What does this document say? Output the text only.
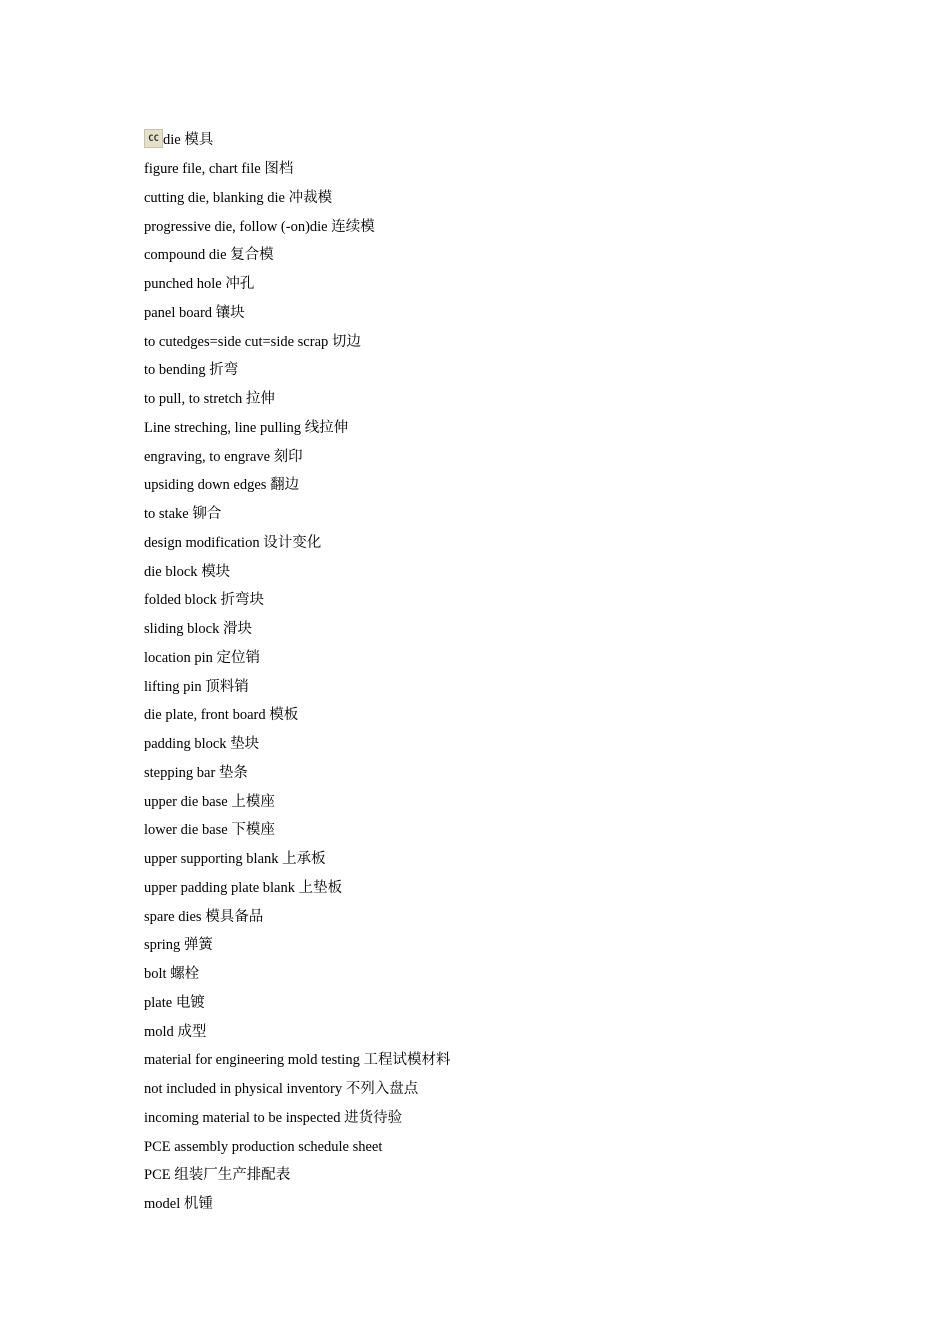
CC die
模具
figure file, chart file 图档
cutting die, blanking die 冲裁模
progressive die, follow (-on)die 连续模
compound die 复合模
punched hole 冲孔
panel board 镶块
to cutedges=side cut=side scrap 切边
to bending 折弯
to pull, to stretch 拉伸
Line streching, line pulling 线拉伸
engraving, to engrave 刻印
upsiding down edges 翻边
to stake 铆合
design modification 设计变化
die block 模块
folded block 折弯块
sliding block 滑块
location pin 定位销
lifting pin 顶料销
die plate, front board 模板
padding block 垫块
stepping bar 垫条
upper die base 上模座
lower die base 下模座
upper supporting blank 上承板
upper padding plate blank 上垫板
spare dies 模具备品
spring 弹簧
bolt 螺栓
plate 电镀
mold 成型
material for engineering mold testing 工程试模材料
not included in physical inventory 不列入盘点
incoming material to be inspected 进货待验
PCE assembly production schedule sheet
PCE 组装厂生产排配表
model 机锺
